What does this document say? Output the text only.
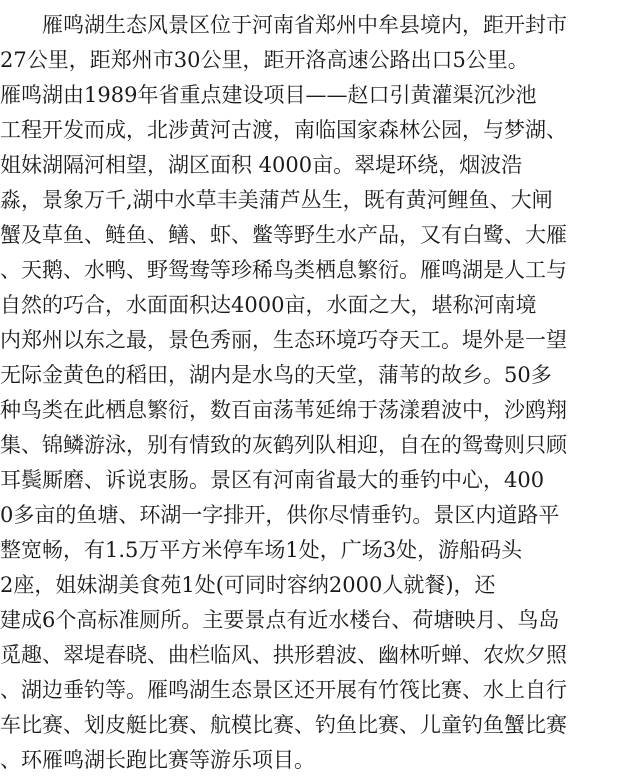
　　雁鸣湖生态风景区位于河南省郑州中牟县境内，距开封市
27公里，距郑州市30公里，距开洛高速公路出口5公里。
雁鸣湖由1989年省重点建设项目——赵口引黄灌渠沉沙池
工程开发而成，北涉黄河古渡，南临国家森林公园，与梦湖、
姐妹湖隔河相望，湖区面积 4000亩。翠堤环绕，烟波浩
淼，景象万千,湖中水草丰美蒲芦丛生，既有黄河鲤鱼、大闸
蟹及草鱼、鲢鱼、鳝、虾、鳖等野生水产品，又有白鹭、大雁
、天鹅、水鸭、野鸳鸯等珍稀鸟类栖息繁衍。雁鸣湖是人工与
自然的巧合，水面面积达4000亩，水面之大，堪称河南境
内郑州以东之最，景色秀丽，生态环境巧夺天工。堤外是一望
无际金黄色的稻田，湖内是水鸟的天堂，蒲苇的故乡。50多
种鸟类在此栖息繁衍，数百亩荡苇延绵于荡漾碧波中，沙鸥翔
集、锦鳞游泳，别有情致的灰鹤列队相迎，自在的鸳鸯则只顾
耳鬓厮磨、诉说衷肠。景区有河南省最大的垂钓中心，400
0多亩的鱼塘、环湖一字排开，供你尽情垂钓。景区内道路平
整宽畅，有1.5万平方米停车场1处，广场3处，游船码头
2座，姐妹湖美食苑1处(可同时容纳2000人就餐)，还
建成6个高标准厕所。主要景点有近水楼台、荷塘映月、鸟岛
觅趣、翠堤春晓、曲栏临风、拱形碧波、幽林听蝉、农炊夕照
、湖边垂钓等。雁鸣湖生态景区还开展有竹筏比赛、水上自行
车比赛、划皮艇比赛、航模比赛、钓鱼比赛、儿童钓鱼蟹比赛
、环雁鸣湖长跑比赛等游乐项目。
